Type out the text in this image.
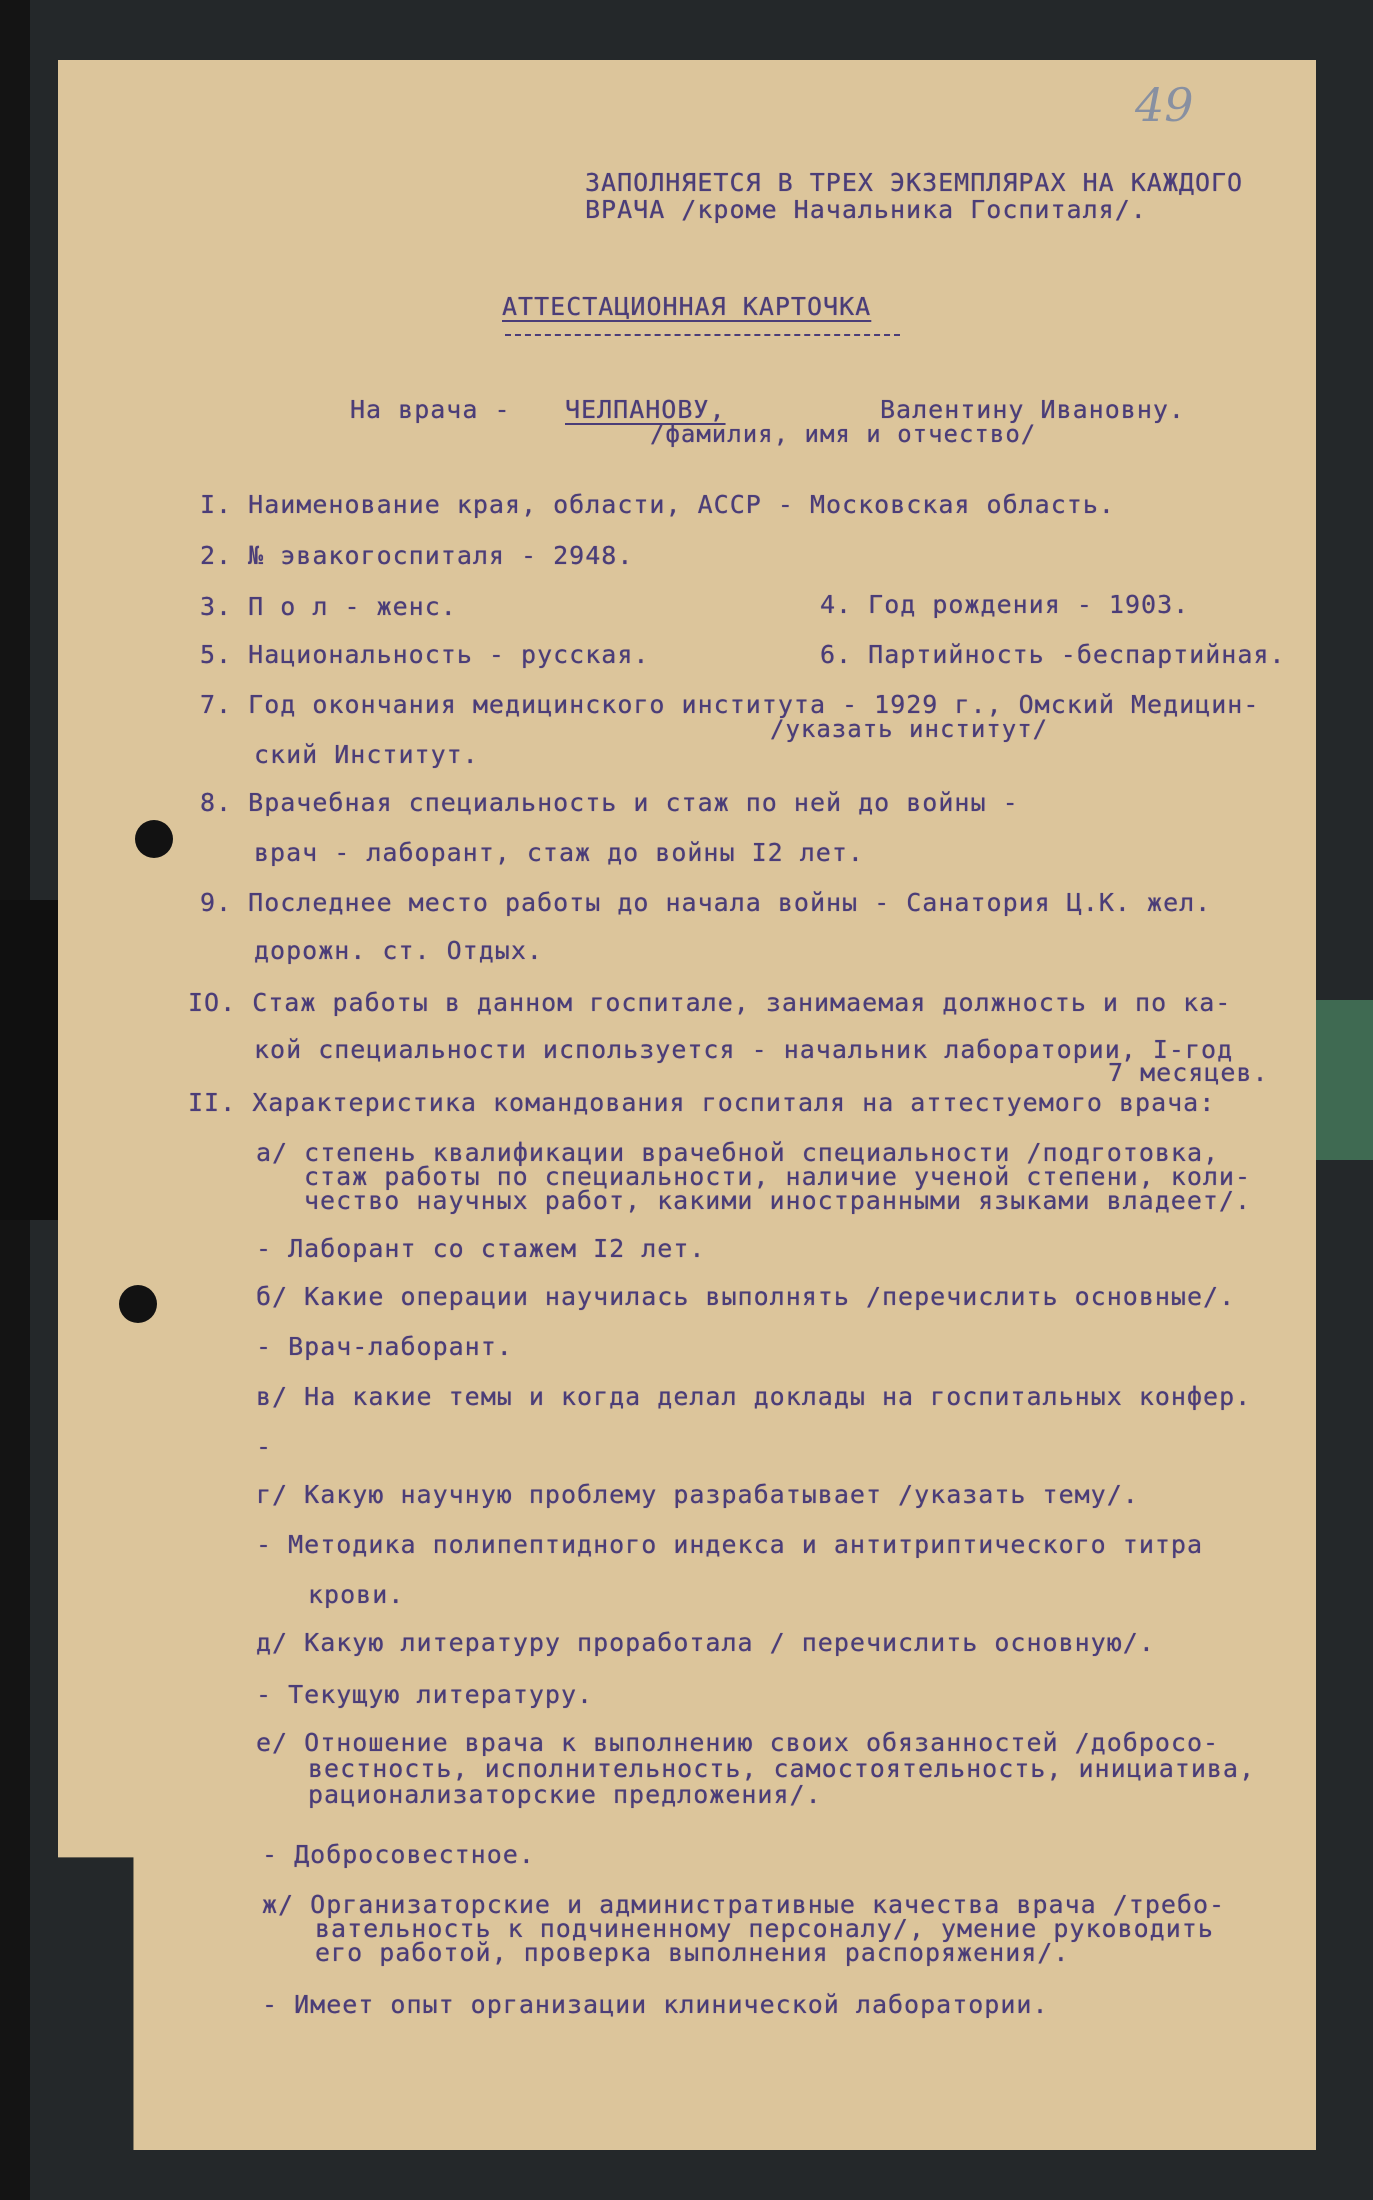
49
ЗАПОЛНЯЕТСЯ В ТРЕХ ЭКЗЕМПЛЯРАХ НА КАЖДОГО
ВРАЧА /кроме Начальника Госпиталя/.
АТТЕСТАЦИОННАЯ КАРТОЧКА
На врача - ЧЕЛПАНОВУ,	Валентину Ивановну.
/фамилия, имя и отчество/
I. Наименование края, области, АССР - Московская область.
2. № эвакогоспиталя - 2948.
3. П о л - женс.	4. Год рождения - 1903.
5. Национальность - русская.	6. Партийность -беспартийная.
7. Год окончания медицинского института - 1929 г., Омский Медицин-
/указать институт/
ский Институт.
8. Врачебная специальность и стаж по ней до войны -
врач - лаборант, стаж до войны I2 лет.
9. Последнее место работы до начала войны - Санатория Ц.К. жел.
дорожн. ст. Отдых.
IO. Стаж работы в данном госпитале, занимаемая должность и по ка-
кой специальности используется - начальник лаборатории, I-год
7 месяцев.
II. Характеристика командования госпиталя на аттестуемого врача:
а/ степень квалификации врачебной специальности /подготовка,
стаж работы по специальности, наличие ученой степени, коли-
чество научных работ, какими иностранными языками владеет/.
- Лаборант со стажем I2 лет.
б/ Какие операции научилась выполнять /перечислить основные/.
- Врач-лаборант.
в/ На какие темы и когда делал доклады на госпитальных конфер.
-
г/ Какую научную проблему разрабатывает /указать тему/.
- Методика полипептидного индекса и антитриптического титра
крови.
д/ Какую литературу проработала / перечислить основную/.
- Текущую литературу.
е/ Отношение врача к выполнению своих обязанностей /добросо-
вестность, исполнительность, самостоятельность, инициатива,
рационализаторские предложения/.
- Добросовестное.
ж/ Организаторские и административные качества врача /требо-
вательность к подчиненному персоналу/, умение руководить
его работой, проверка выполнения распоряжения/.
- Имеет опыт организации клинической лаборатории.
